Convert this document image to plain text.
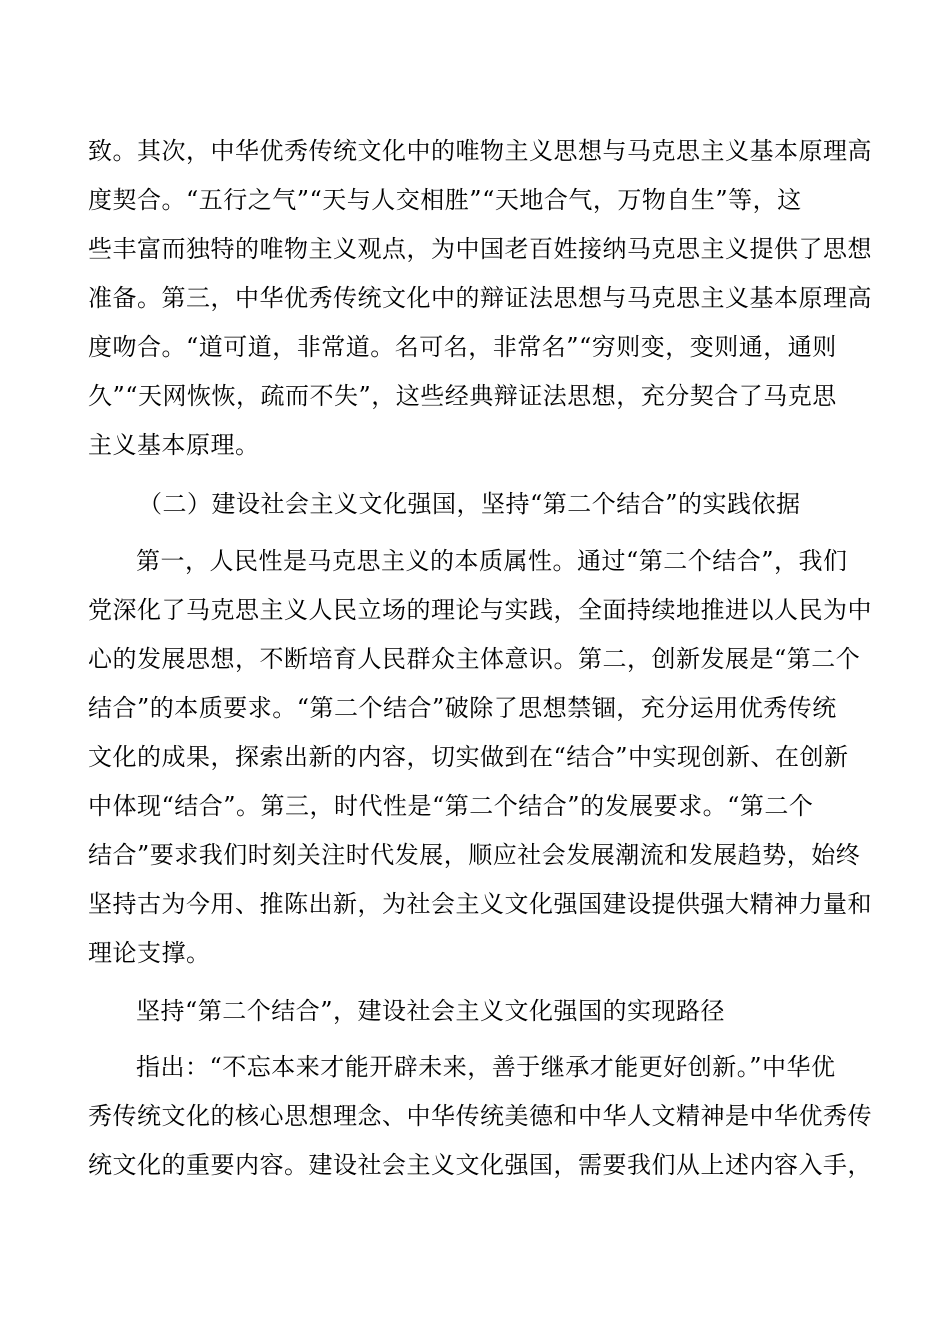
致。其次，中华优秀传统文化中的唯物主义思想与马克思主义基本原理高
度契合。“五行之气”“天与人交相胜”“天地合气，万物自生”等，这
些丰富而独特的唯物主义观点，为中国老百姓接纳马克思主义提供了思想
准备。第三，中华优秀传统文化中的辩证法思想与马克思主义基本原理高
度吻合。“道可道，非常道。名可名，非常名”“穷则变，变则通，通则
久”“天网恢恢，疏而不失”，这些经典辩证法思想，充分契合了马克思
主义基本原理。
（二）建设社会主义文化强国，坚持“第二个结合”的实践依据
第一，人民性是马克思主义的本质属性。通过“第二个结合”，我们
党深化了马克思主义人民立场的理论与实践，全面持续地推进以人民为中
心的发展思想，不断培育人民群众主体意识。第二，创新发展是“第二个
结合”的本质要求。“第二个结合”破除了思想禁锢，充分运用优秀传统
文化的成果，探索出新的内容，切实做到在“结合”中实现创新、在创新
中体现“结合”。第三，时代性是“第二个结合”的发展要求。“第二个
结合”要求我们时刻关注时代发展，顺应社会发展潮流和发展趋势，始终
坚持古为今用、推陈出新，为社会主义文化强国建设提供强大精神力量和
理论支撑。
坚持“第二个结合”，建设社会主义文化强国的实现路径
指出：“不忘本来才能开辟未来，善于继承才能更好创新。”中华优
秀传统文化的核心思想理念、中华传统美德和中华人文精神是中华优秀传
统文化的重要内容。建设社会主义文化强国，需要我们从上述内容入手，
